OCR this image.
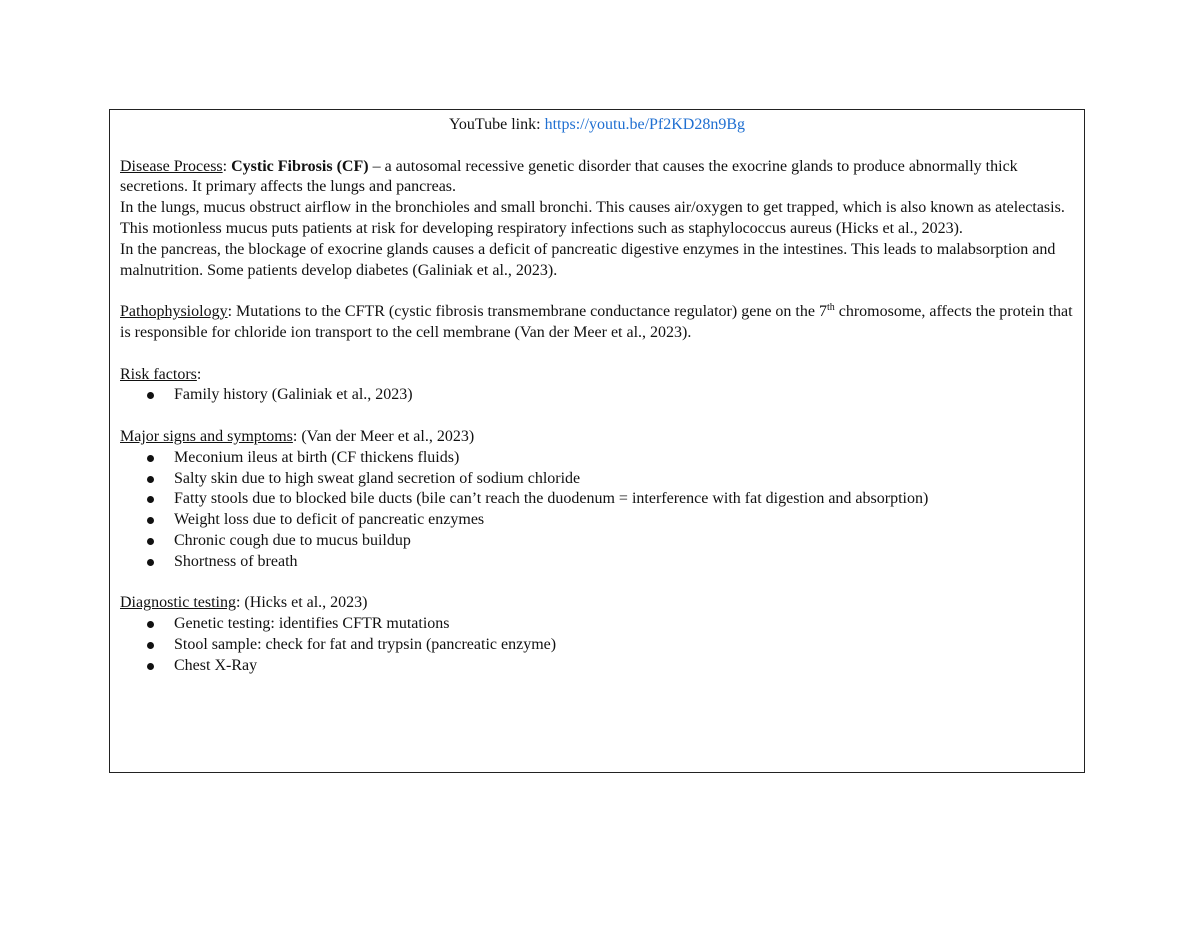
YouTube link: https://youtu.be/Pf2KD28n9Bg

Disease Process: Cystic Fibrosis (CF) – a autosomal recessive genetic disorder that causes the exocrine glands to produce abnormally thick secretions. It primary affects the lungs and pancreas.

In the lungs, mucus obstruct airflow in the bronchioles and small bronchi. This causes air/oxygen to get trapped, which is also known as atelectasis. This motionless mucus puts patients at risk for developing respiratory infections such as staphylococcus aureus (Hicks et al., 2023).

In the pancreas, the blockage of exocrine glands causes a deficit of pancreatic digestive enzymes in the intestines. This leads to malabsorption and malnutrition. Some patients develop diabetes (Galiniak et al., 2023).

Pathophysiology: Mutations to the CFTR (cystic fibrosis transmembrane conductance regulator) gene on the 7th chromosome, affects the protein that is responsible for chloride ion transport to the cell membrane (Van der Meer et al., 2023).

Risk factors:

Family history (Galiniak et al., 2023)

Major signs and symptoms: (Van der Meer et al., 2023)

Meconium ileus at birth (CF thickens fluids)
Salty skin due to high sweat gland secretion of sodium chloride
Fatty stools due to blocked bile ducts (bile can’t reach the duodenum = interference with fat digestion and absorption)
Weight loss due to deficit of pancreatic enzymes
Chronic cough due to mucus buildup
Shortness of breath

Diagnostic testing: (Hicks et al., 2023)

Genetic testing: identifies CFTR mutations
Stool sample: check for fat and trypsin (pancreatic enzyme)
Chest X-Ray
